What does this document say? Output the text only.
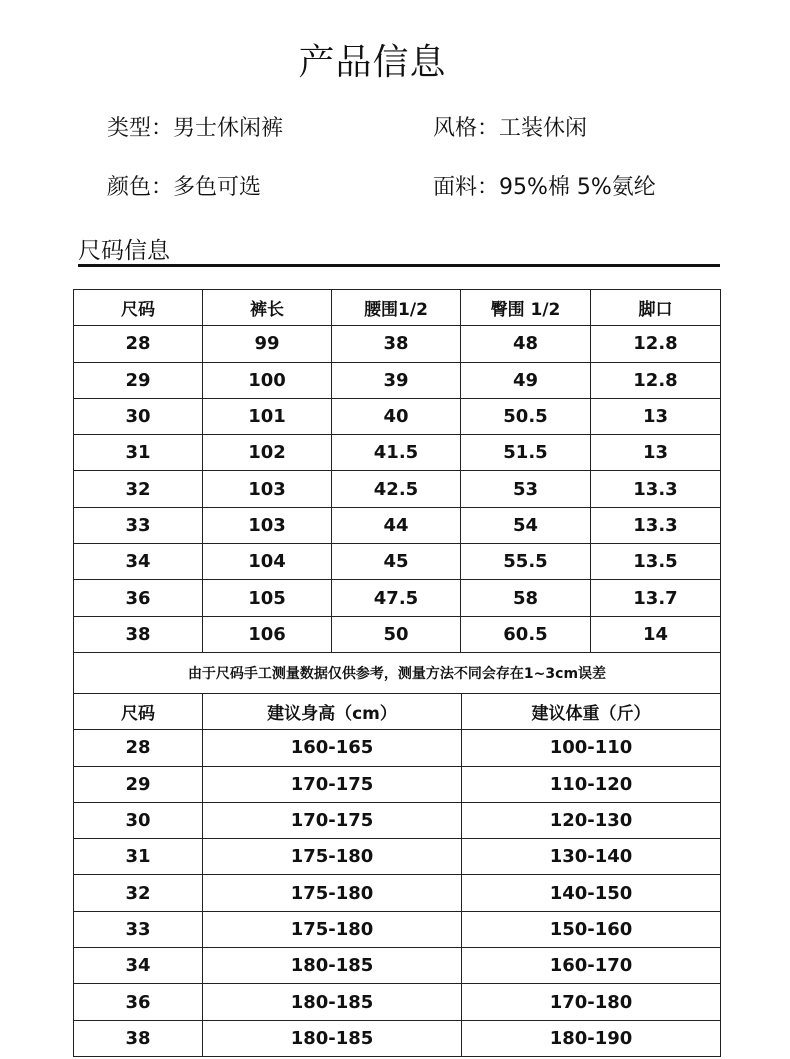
产品信息
类型：男士休闲裤	风格：工装休闲
颜色：多色可选	面料：95%棉 5%氨纶
尺码信息
尺码	裤长	腰围1/2	臀围 1/2	脚口
28	99	38	48	12.8
29	100	39	49	12.8
30	101	40	50.5	13
31	102	41.5	51.5	13
32	103	42.5	53	13.3
33	103	44	54	13.3
34	104	45	55.5	13.5
36	105	47.5	58	13.7
38	106	50	60.5	14
由于尺码手工测量数据仅供参考，测量方法不同会存在1~3cm误差				
尺码	建议身高（cm）	建议体重（斤）
28	160-165	100-110
29	170-175	110-120
30	170-175	120-130
31	175-180	130-140
32	175-180	140-150
33	175-180	150-160
34	180-185	160-170
36	180-185	170-180
38	180-185	180-190
